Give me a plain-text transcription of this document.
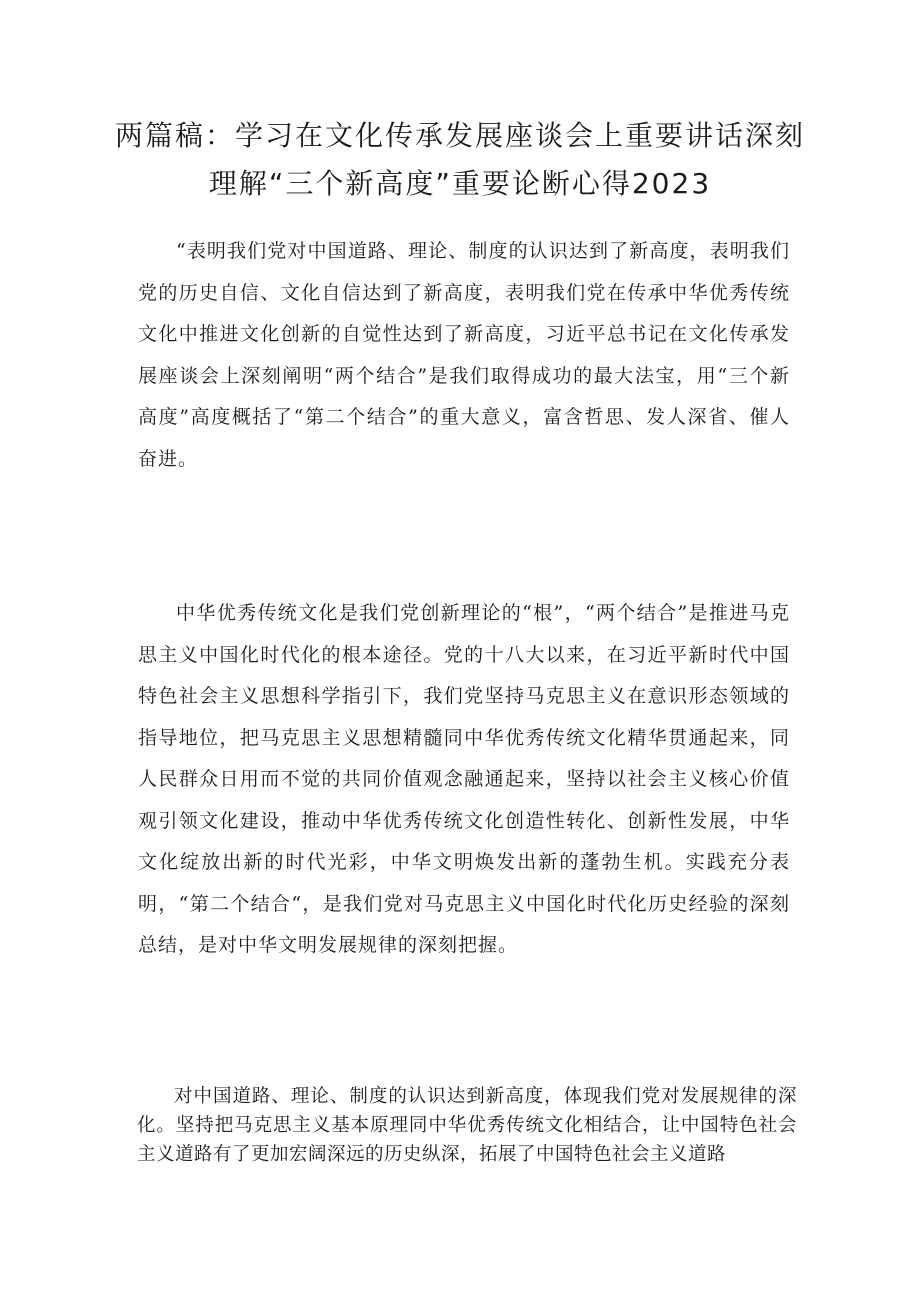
两篇稿：学习在文化传承发展座谈会上重要讲话深刻
理解“三个新高度”重要论断心得2023

“表明我们党对中国道路、理论、制度的认识达到了新高度，表明我们党的历史自信、文化自信达到了新高度，表明我们党在传承中华优秀传统文化中推进文化创新的自觉性达到了新高度，习近平总书记在文化传承发展座谈会上深刻阐明“两个结合”是我们取得成功的最大法宝，用“三个新高度”高度概括了“第二个结合”的重大意义，富含哲思、发人深省、催人奋进。

中华优秀传统文化是我们党创新理论的“根”，“两个结合”是推进马克思主义中国化时代化的根本途径。党的十八大以来，在习近平新时代中国特色社会主义思想科学指引下，我们党坚持马克思主义在意识形态领域的指导地位，把马克思主义思想精髓同中华优秀传统文化精华贯通起来，同人民群众日用而不觉的共同价值观念融通起来，坚持以社会主义核心价值观引领文化建设，推动中华优秀传统文化创造性转化、创新性发展，中华文化绽放出新的时代光彩，中华文明焕发出新的蓬勃生机。实践充分表明，“第二个结合“，是我们党对马克思主义中国化时代化历史经验的深刻总结，是对中华文明发展规律的深刻把握。

对中国道路、理论、制度的认识达到新高度，体现我们党对发展规律的深化。坚持把马克思主义基本原理同中华优秀传统文化相结合，让中国特色社会主义道路有了更加宏阔深远的历史纵深，拓展了中国特色社会主义道路
